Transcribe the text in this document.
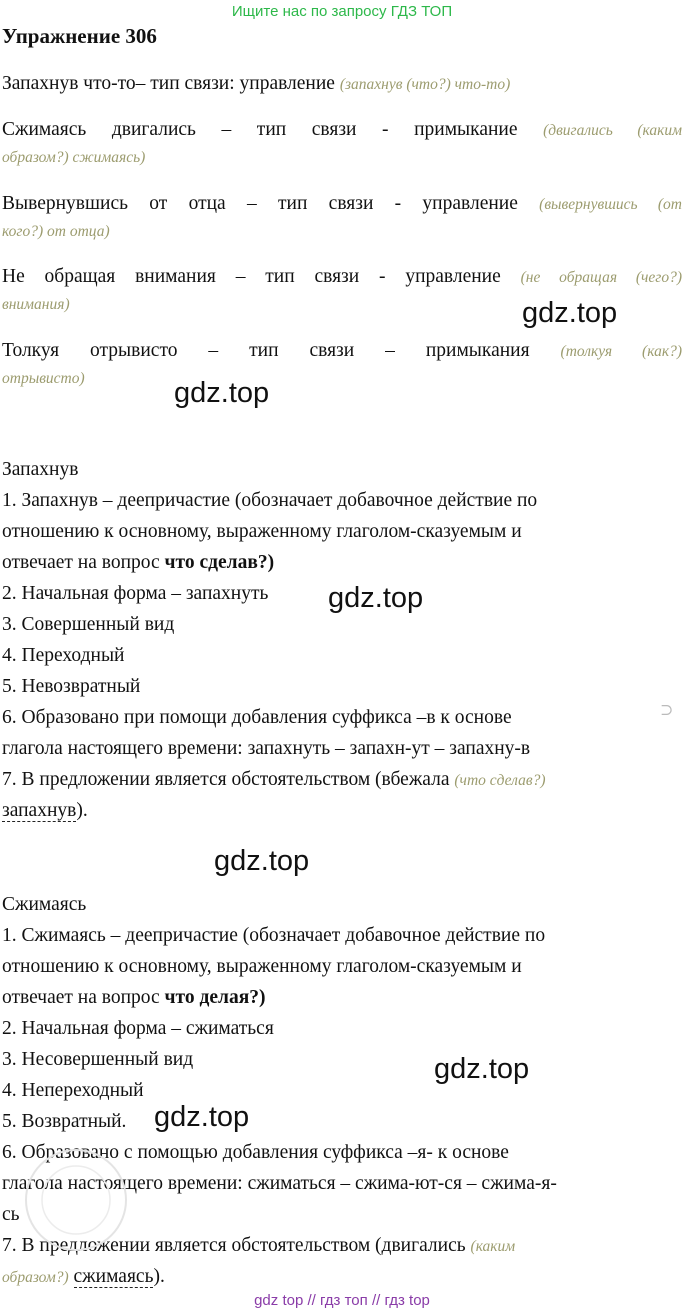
Ищите нас по запросу ГДЗ ТОП
Упражнение 306
Запахнув что-то– тип связи: управление (запахнув (что?) что-то)
Сжимаясь двигались – тип связи - примыкание (двигались (каким
образом?) сжимаясь)
Вывернувшись от отца – тип связи - управление (вывернувшись (от
кого?) от отца)
Не обращая внимания – тип связи - управление (не обращая (чего?)
внимания)	gdz.top
Толкуя отрывисто – тип связи – примыкания (толкуя (как?)
отрывисто)	gdz.top
Запахнув
1. Запахнув – деепричастие (обозначает добавочное действие по
отношению к основному, выраженному глаголом-сказуемым и
отвечает на вопрос что сделав?)
2. Начальная форма – запахнуть gdz.top
3. Совершенный вид
4. Переходный
5. Невозвратный
6. Образовано при помощи добавления суффикса –в к основе	⊃
глагола настоящего времени: запахнуть – запахн-ут – запахну-в
7. В предложении является обстоятельством (вбежала (что сделав?)
запахнув).
gdz.top
Сжимаясь
1. Сжимаясь – деепричастие (обозначает добавочное действие по
отношению к основному, выраженному глаголом-сказуемым и
отвечает на вопрос что делая?)
2. Начальная форма – сжиматься
3. Несовершенный вид	gdz.top
4. Непереходный
5. Возвратный. gdz.top
6. Образовано с помощью добавления суффикса –я- к основе
глагола настоящего времени: сжиматься – сжима-ют-ся – сжима-я-
сь
7. В предложении является обстоятельством (двигались (каким
образом?) сжимаясь).
gdz top // гдз топ // гдз top
